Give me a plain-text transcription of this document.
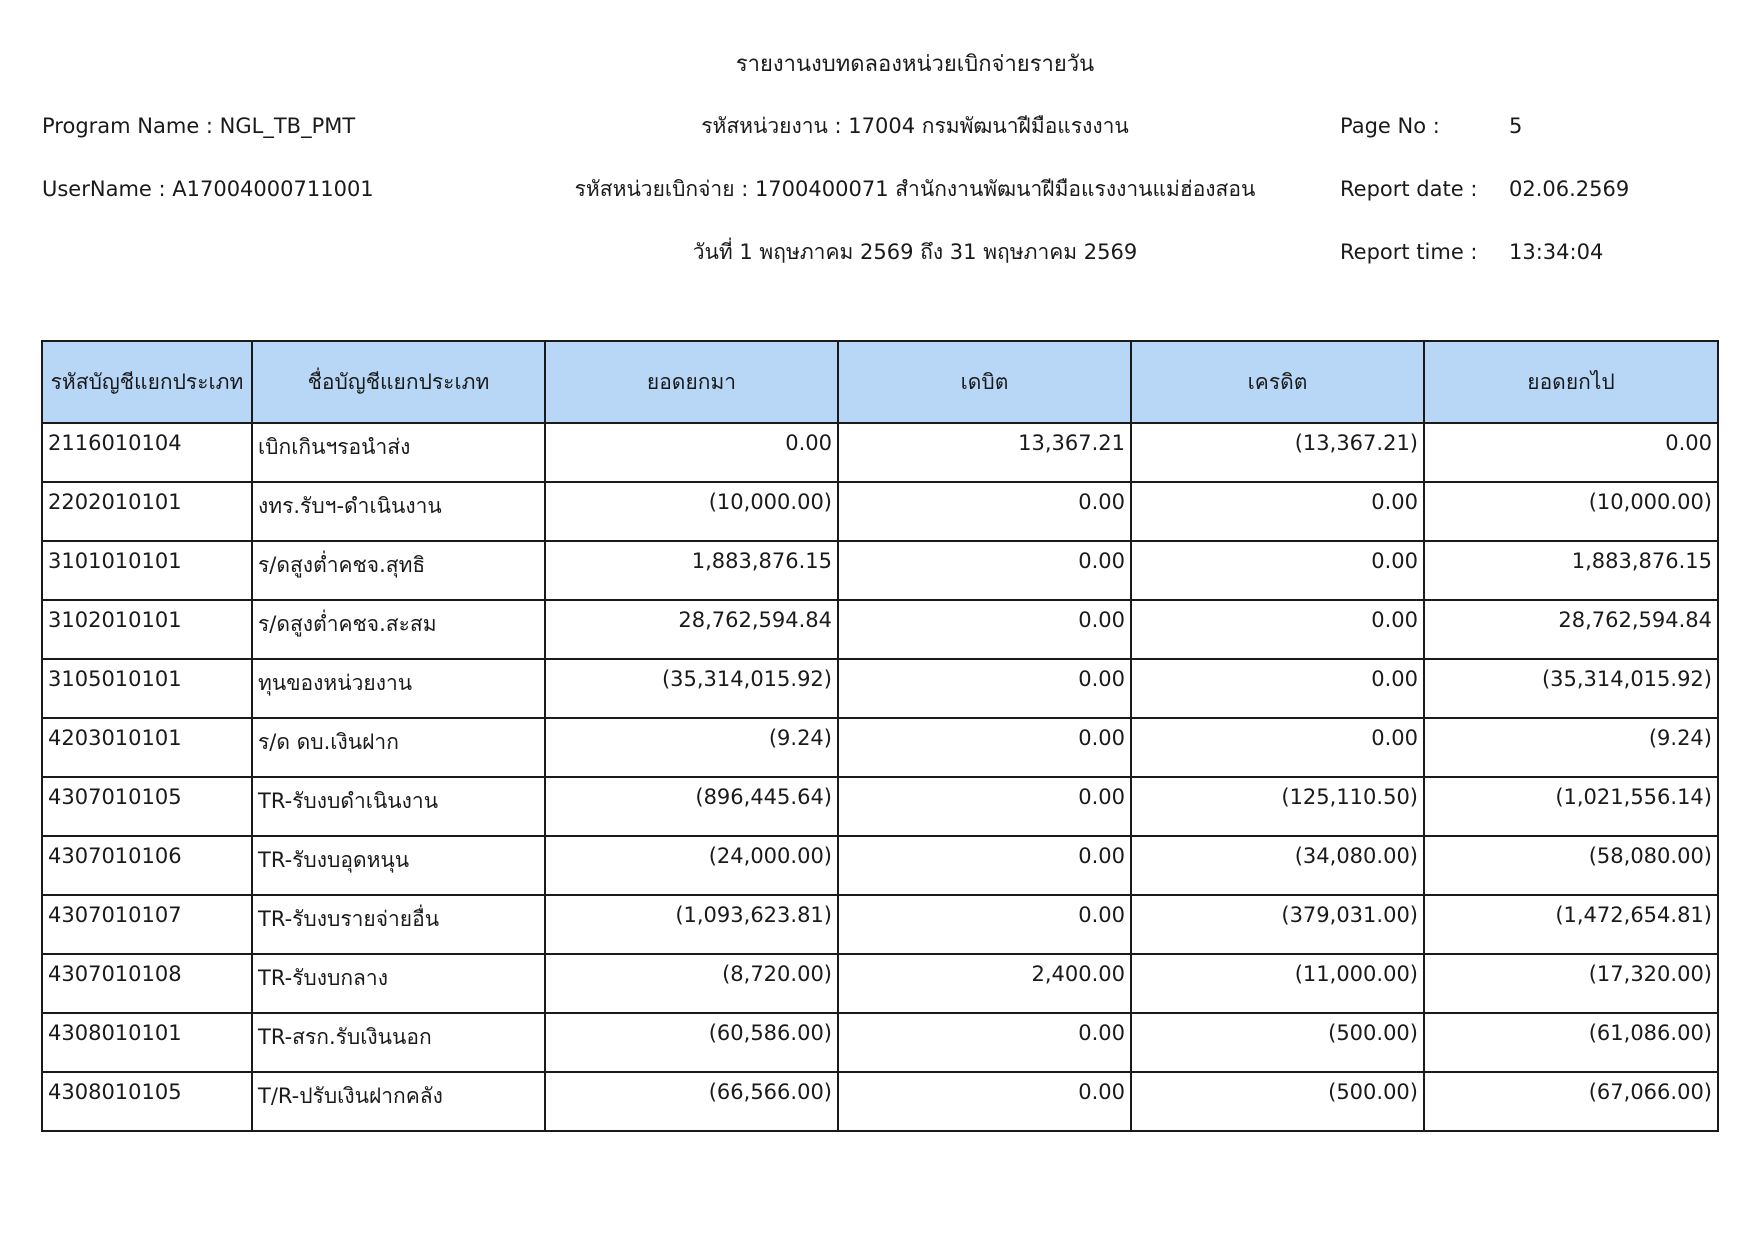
รายงานงบทดลองหน่วยเบิกจ่ายรายวัน
Program Name : NGL_TB_PMT	รหัสหน่วยงาน : 17004 กรมพัฒนาฝีมือแรงงาน	Page No :	5
UserName : A17004000711001	รหัสหน่วยเบิกจ่าย : 1700400071 สำนักงานพัฒนาฝีมือแรงงานแม่ฮ่องสอน	Report date : 02.06.2569
วันที่ 1 พฤษภาคม 2569 ถึง 31 พฤษภาคม 2569	Report time : 13:34:04
รหัสบัญชีแยกประเภท	ชื่อบัญชีแยกประเภท	ยอดยกมา	เดบิต	เครดิต	ยอดยกไป
2116010104	เบิกเกินฯรอนำส่ง	0.00	13,367.21	(13,367.21)	0.00
2202010101	งทร.รับฯ-ดำเนินงาน	(10,000.00)	0.00	0.00	(10,000.00)
3101010101	ร/ดสูงต่ำคชจ.สุทธิ	1,883,876.15	0.00	0.00	1,883,876.15
3102010101	ร/ดสูงต่ำคชจ.สะสม	28,762,594.84	0.00	0.00	28,762,594.84
3105010101	ทุนของหน่วยงาน	(35,314,015.92)	0.00	0.00	(35,314,015.92)
4203010101	ร/ด ดบ.เงินฝาก	(9.24)	0.00	0.00	(9.24)
4307010105	TR-รับงบดำเนินงาน	(896,445.64)	0.00	(125,110.50)	(1,021,556.14)
4307010106	TR-รับงบอุดหนุน	(24,000.00)	0.00	(34,080.00)	(58,080.00)
4307010107	TR-รับงบรายจ่ายอื่น	(1,093,623.81)	0.00	(379,031.00)	(1,472,654.81)
4307010108	TR-รับงบกลาง	(8,720.00)	2,400.00	(11,000.00)	(17,320.00)
4308010101	TR-สรก.รับเงินนอก	(60,586.00)	0.00	(500.00)	(61,086.00)
4308010105	T/R-ปรับเงินฝากคลัง	(66,566.00)	0.00	(500.00)	(67,066.00)
